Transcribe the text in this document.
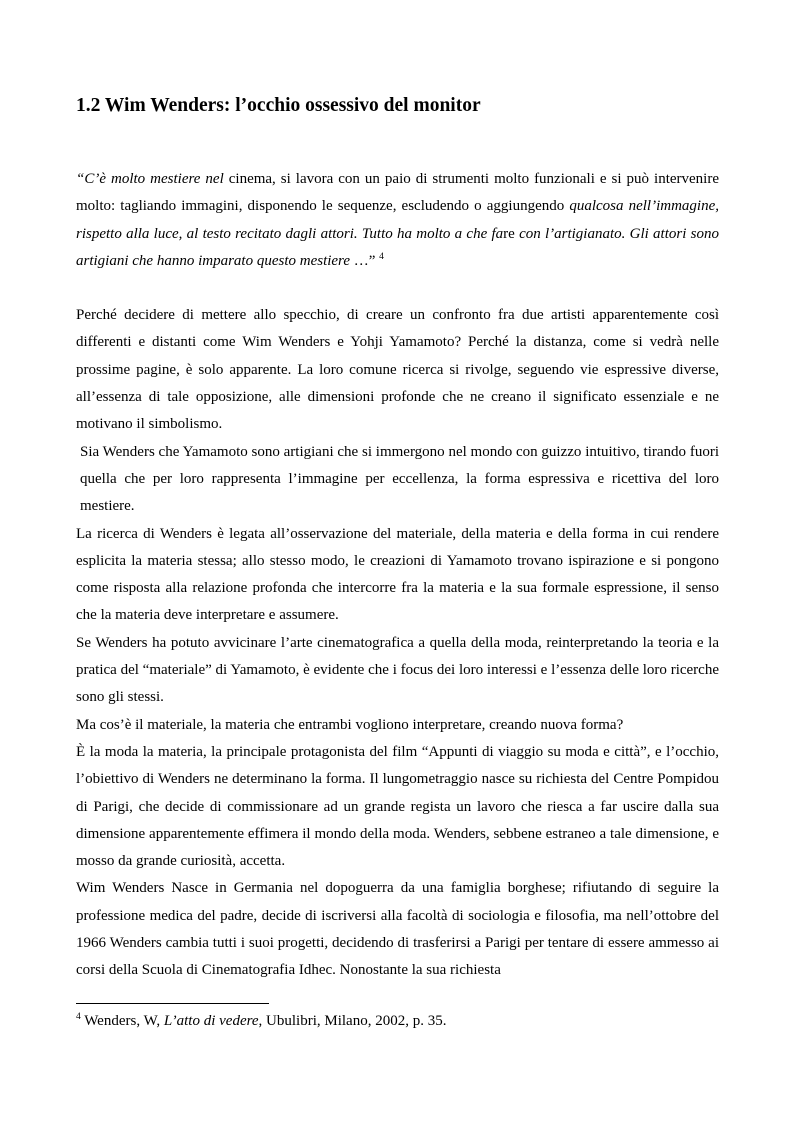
1.2 Wim Wenders: l’occhio ossessivo del monitor

“C’è molto mestiere nel cinema, si lavora con un paio di strumenti molto funzionali e si può intervenire molto: tagliando immagini, disponendo le sequenze, escludendo o aggiungendo qualcosa nell’immagine, rispetto alla luce, al testo recitato dagli attori. Tutto ha molto a che fare con l’artigianato. Gli attori sono artigiani che hanno imparato questo mestiere …” $^4$

Perché decidere di mettere allo specchio, di creare un confronto fra due artisti apparentemente così differenti e distanti come Wim Wenders e Yohji Yamamoto? Perché la distanza, come si vedrà nelle prossime pagine, è solo apparente. La loro comune ricerca si rivolge, seguendo vie espressive diverse, all’essenza di tale opposizione, alle dimensioni profonde che ne creano il significato essenziale e ne motivano il simbolismo.

Sia Wenders che Yamamoto sono artigiani che si immergono nel mondo con guizzo intuitivo, tirando fuori quella che per loro rappresenta l’immagine per eccellenza, la forma espressiva e ricettiva del loro mestiere.

La ricerca di Wenders è legata all’osservazione del materiale, della materia e della forma in cui rendere esplicita la materia stessa; allo stesso modo, le creazioni di Yamamoto trovano ispirazione e si pongono come risposta alla relazione profonda che intercorre fra la materia e la sua formale espressione, il senso che la materia deve interpretare e assumere.

Se Wenders ha potuto avvicinare l’arte cinematografica a quella della moda, reinterpretando la teoria e la pratica del “materiale” di Yamamoto, è evidente che i focus dei loro interessi e l’essenza delle loro ricerche sono gli stessi.

Ma cos’è il materiale, la materia che entrambi vogliono interpretare, creando nuova forma?

È la moda la materia, la principale protagonista del film “Appunti di viaggio su moda e città”, e l’occhio, l’obiettivo di Wenders ne determinano la forma. Il lungometraggio nasce su richiesta del Centre Pompidou di Parigi, che decide di commissionare ad un grande regista un lavoro che riesca a far uscire dalla sua dimensione apparentemente effimera il mondo della moda. Wenders, sebbene estraneo a tale dimensione, e mosso da grande curiosità, accetta.

Wim Wenders Nasce in Germania nel dopoguerra da una famiglia borghese; rifiutando di seguire la professione medica del padre, decide di iscriversi alla facoltà di sociologia e filosofia, ma nell’ottobre del 1966 Wenders cambia tutti i suoi progetti, decidendo di trasferirsi a Parigi per tentare di essere ammesso ai corsi della Scuola di Cinematografia Idhec. Nonostante la sua richiesta

$^4$ Wenders, W, L’atto di vedere, Ubulibri, Milano, 2002, p. 35.
